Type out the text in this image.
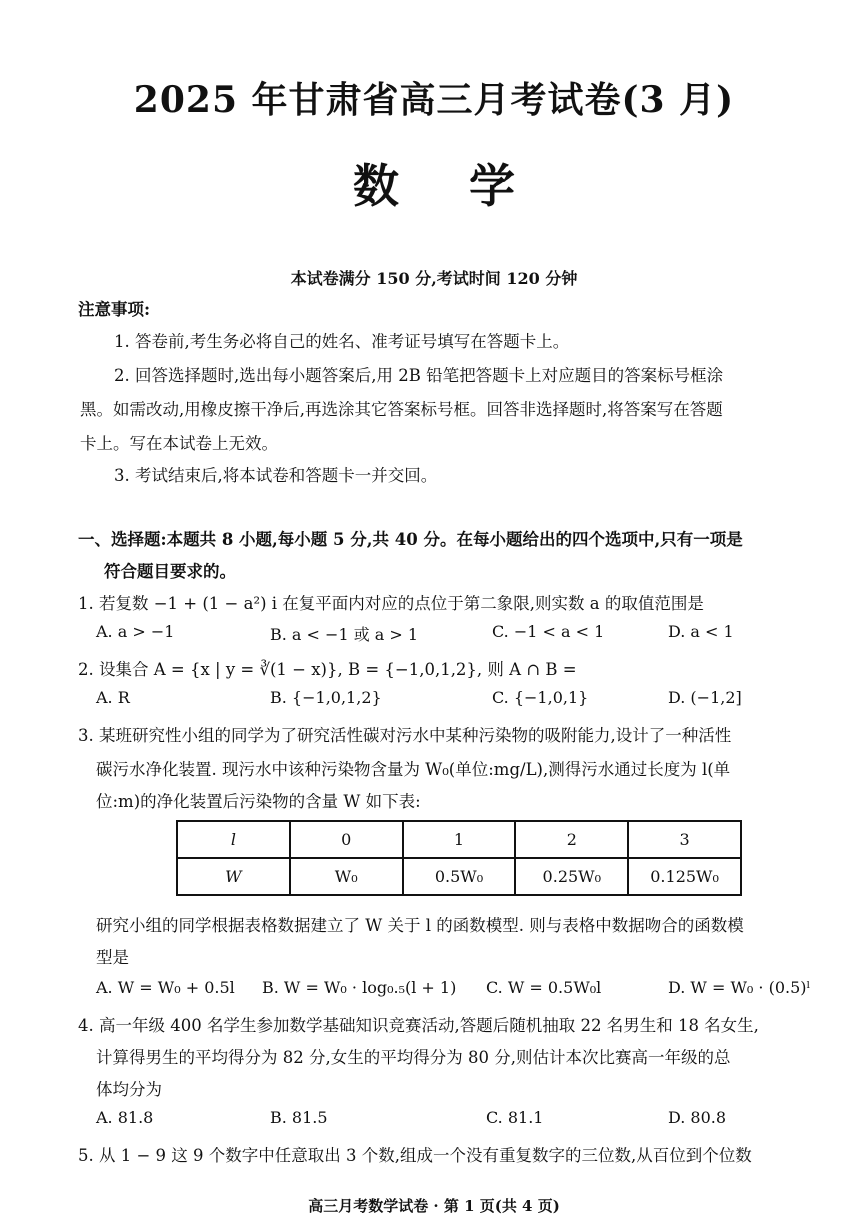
2025 年甘肃省高三月考试卷(3 月)
数学
本试卷满分 150 分,考试时间 120 分钟
注意事项:
1. 答卷前,考生务必将自己的姓名、准考证号填写在答题卡上。
2. 回答选择题时,选出每小题答案后,用 2B 铅笔把答题卡上对应题目的答案标号框涂
黑。如需改动,用橡皮擦干净后,再选涂其它答案标号框。回答非选择题时,将答案写在答题
卡上。写在本试卷上无效。
3. 考试结束后,将本试卷和答题卡一并交回。
一、选择题:本题共 8 小题,每小题 5 分,共 40 分。在每小题给出的四个选项中,只有一项是
符合题目要求的。
1. 若复数 −1 + (1 − a²) i 在复平面内对应的点位于第二象限,则实数 a 的取值范围是
A. a > −1	B. a < −1 或 a > 1	C. −1 < a < 1	D. a < 1
2. 设集合 A = {x | y = ∛(1 − x)}, B = {−1,0,1,2}, 则 A ∩ B =
A. R	B. {−1,0,1,2}	C. {−1,0,1}	D. (−1,2]
3. 某班研究性小组的同学为了研究活性碳对污水中某种污染物的吸附能力,设计了一种活性
碳污水净化装置. 现污水中该种污染物含量为 W₀(单位:mg/L),测得污水通过长度为 l(单
位:m)的净化装置后污染物的含量 W 如下表:
l	0	1	2	3
W	W₀	0.5W₀	0.25W₀	0.125W₀
研究小组的同学根据表格数据建立了 W 关于 l 的函数模型. 则与表格中数据吻合的函数模
型是
A. W = W₀ + 0.5l B. W = W₀ · log₀.₅(l + 1) C. W = 0.5W₀l	D. W = W₀ · (0.5)ˡ
4. 高一年级 400 名学生参加数学基础知识竞赛活动,答题后随机抽取 22 名男生和 18 名女生,
计算得男生的平均得分为 82 分,女生的平均得分为 80 分,则估计本次比赛高一年级的总
体均分为
A. 81.8	B. 81.5	C. 81.1	D. 80.8
5. 从 1 − 9 这 9 个数字中任意取出 3 个数,组成一个没有重复数字的三位数,从百位到个位数
高三月考数学试卷 · 第 1 页(共 4 页)
